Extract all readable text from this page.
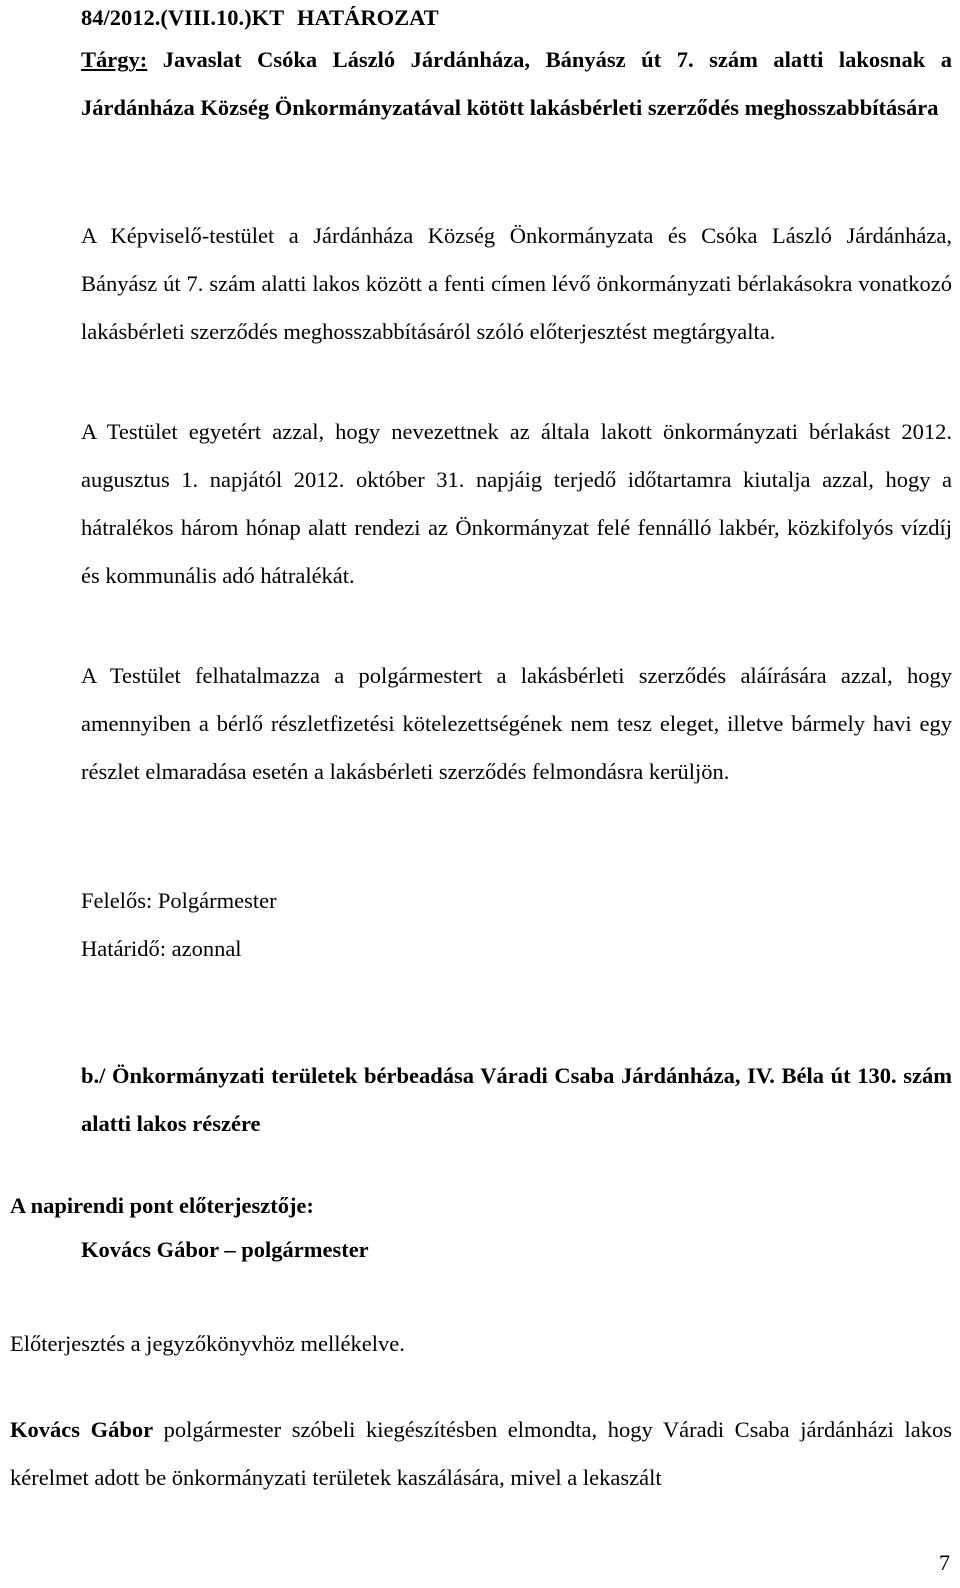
84/2012.(VIII.10.)KT HATÁROZAT

Tárgy: Javaslat Csóka László Járdánháza, Bányász út 7. szám alatti lakosnak a Járdánháza Község Önkormányzatával kötött lakásbérleti szerződés meghosszabbítására

A Képviselő-testület a Járdánháza Község Önkormányzata és Csóka László Járdánháza, Bányász út 7. szám alatti lakos között a fenti címen lévő önkormányzati bérlakásokra vonatkozó lakásbérleti szerződés meghosszabbításáról szóló előterjesztést megtárgyalta.

A Testület egyetért azzal, hogy nevezettnek az általa lakott önkormányzati bérlakást 2012. augusztus 1. napjától 2012. október 31. napjáig terjedő időtartamra kiutalja azzal, hogy a hátralékos három hónap alatt rendezi az Önkormányzat felé fennálló lakbér, közkifolyós vízdíj és kommunális adó hátralékát.

A Testület felhatalmazza a polgármestert a lakásbérleti szerződés aláírására azzal, hogy amennyiben a bérlő részletfizetési kötelezettségének nem tesz eleget, illetve bármely havi egy részlet elmaradása esetén a lakásbérleti szerződés felmondásra kerüljön.

Felelős: Polgármester

Határidő: azonnal

b./ Önkormányzati területek bérbeadása Váradi Csaba Járdánháza, IV. Béla út 130. szám alatti lakos részére

A napirendi pont előterjesztője:

Kovács Gábor – polgármester

Előterjesztés a jegyzőkönyvhöz mellékelve.

Kovács Gábor polgármester szóbeli kiegészítésben elmondta, hogy Váradi Csaba járdánházi lakos kérelmet adott be önkormányzati területek kaszálására, mivel a lekaszált

7
